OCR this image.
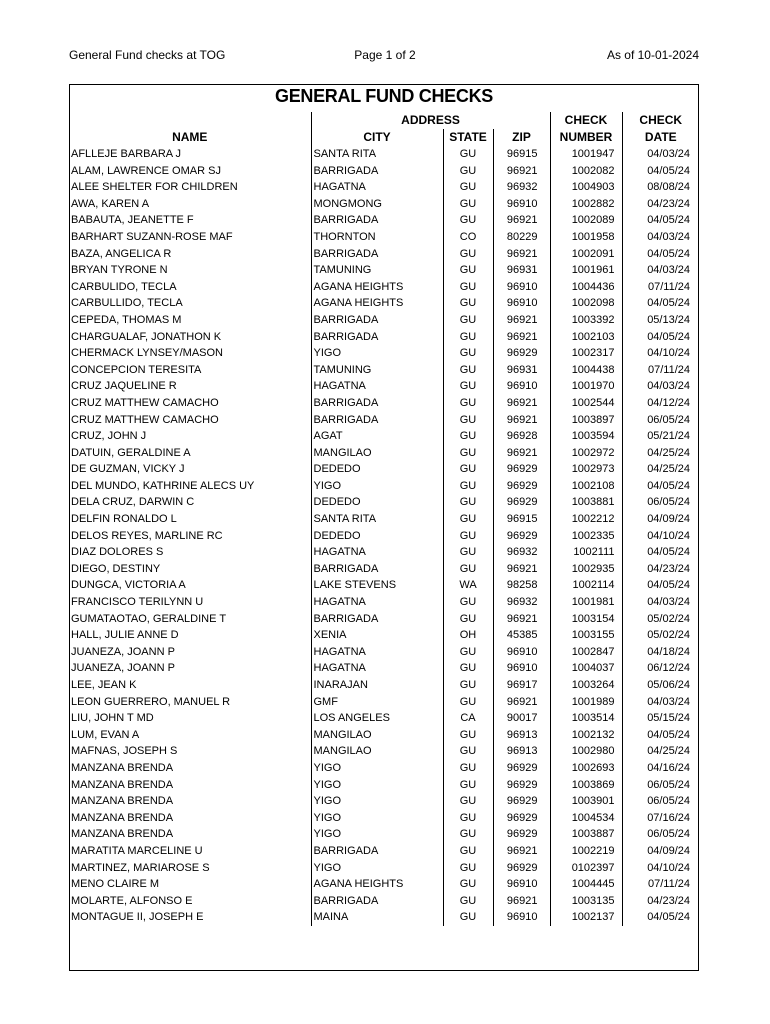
General Fund checks at TOG	Page 1 of 2	As of 10-01-2024
GENERAL FUND CHECKS
	ADDRESS			CHECK	CHECK
NAME	CITY	STATE	ZIP	NUMBER	DATE
AFLLEJE BARBARA J	SANTA RITA	GU	96915	1001947	04/03/24
ALAM, LAWRENCE OMAR SJ	BARRIGADA	GU	96921	1002082	04/05/24
ALEE SHELTER FOR CHILDREN	HAGATNA	GU	96932	1004903	08/08/24
AWA, KAREN A	MONGMONG	GU	96910	1002882	04/23/24
BABAUTA, JEANETTE F	BARRIGADA	GU	96921	1002089	04/05/24
BARHART SUZANN-ROSE MAF	THORNTON	CO	80229	1001958	04/03/24
BAZA, ANGELICA R	BARRIGADA	GU	96921	1002091	04/05/24
BRYAN TYRONE N	TAMUNING	GU	96931	1001961	04/03/24
CARBULIDO, TECLA	AGANA HEIGHTS	GU	96910	1004436	07/11/24
CARBULLIDO, TECLA	AGANA HEIGHTS	GU	96910	1002098	04/05/24
CEPEDA, THOMAS M	BARRIGADA	GU	96921	1003392	05/13/24
CHARGUALAF, JONATHON K	BARRIGADA	GU	96921	1002103	04/05/24
CHERMACK LYNSEY/MASON	YIGO	GU	96929	1002317	04/10/24
CONCEPCION TERESITA	TAMUNING	GU	96931	1004438	07/11/24
CRUZ JAQUELINE R	HAGATNA	GU	96910	1001970	04/03/24
CRUZ MATTHEW CAMACHO	BARRIGADA	GU	96921	1002544	04/12/24
CRUZ MATTHEW CAMACHO	BARRIGADA	GU	96921	1003897	06/05/24
CRUZ, JOHN J	AGAT	GU	96928	1003594	05/21/24
DATUIN, GERALDINE A	MANGILAO	GU	96921	1002972	04/25/24
DE GUZMAN, VICKY J	DEDEDO	GU	96929	1002973	04/25/24
DEL MUNDO, KATHRINE ALECS UY	YIGO	GU	96929	1002108	04/05/24
DELA CRUZ, DARWIN C	DEDEDO	GU	96929	1003881	06/05/24
DELFIN RONALDO L	SANTA RITA	GU	96915	1002212	04/09/24
DELOS REYES, MARLINE RC	DEDEDO	GU	96929	1002335	04/10/24
DIAZ DOLORES S	HAGATNA	GU	96932	1002111	04/05/24
DIEGO, DESTINY	BARRIGADA	GU	96921	1002935	04/23/24
DUNGCA, VICTORIA A	LAKE STEVENS	WA	98258	1002114	04/05/24
FRANCISCO TERILYNN U	HAGATNA	GU	96932	1001981	04/03/24
GUMATAOTAO, GERALDINE T	BARRIGADA	GU	96921	1003154	05/02/24
HALL, JULIE ANNE D	XENIA	OH	45385	1003155	05/02/24
JUANEZA, JOANN P	HAGATNA	GU	96910	1002847	04/18/24
JUANEZA, JOANN P	HAGATNA	GU	96910	1004037	06/12/24
LEE, JEAN K	INARAJAN	GU	96917	1003264	05/06/24
LEON GUERRERO, MANUEL R	GMF	GU	96921	1001989	04/03/24
LIU, JOHN T MD	LOS ANGELES	CA	90017	1003514	05/15/24
LUM, EVAN A	MANGILAO	GU	96913	1002132	04/05/24
MAFNAS, JOSEPH S	MANGILAO	GU	96913	1002980	04/25/24
MANZANA BRENDA	YIGO	GU	96929	1002693	04/16/24
MANZANA BRENDA	YIGO	GU	96929	1003869	06/05/24
MANZANA BRENDA	YIGO	GU	96929	1003901	06/05/24
MANZANA BRENDA	YIGO	GU	96929	1004534	07/16/24
MANZANA BRENDA	YIGO	GU	96929	1003887	06/05/24
MARATITA MARCELINE U	BARRIGADA	GU	96921	1002219	04/09/24
MARTINEZ, MARIAROSE S	YIGO	GU	96929	0102397	04/10/24
MENO CLAIRE M	AGANA HEIGHTS	GU	96910	1004445	07/11/24
MOLARTE, ALFONSO E	BARRIGADA	GU	96921	1003135	04/23/24
MONTAGUE II, JOSEPH E	MAINA	GU	96910	1002137	04/05/24
